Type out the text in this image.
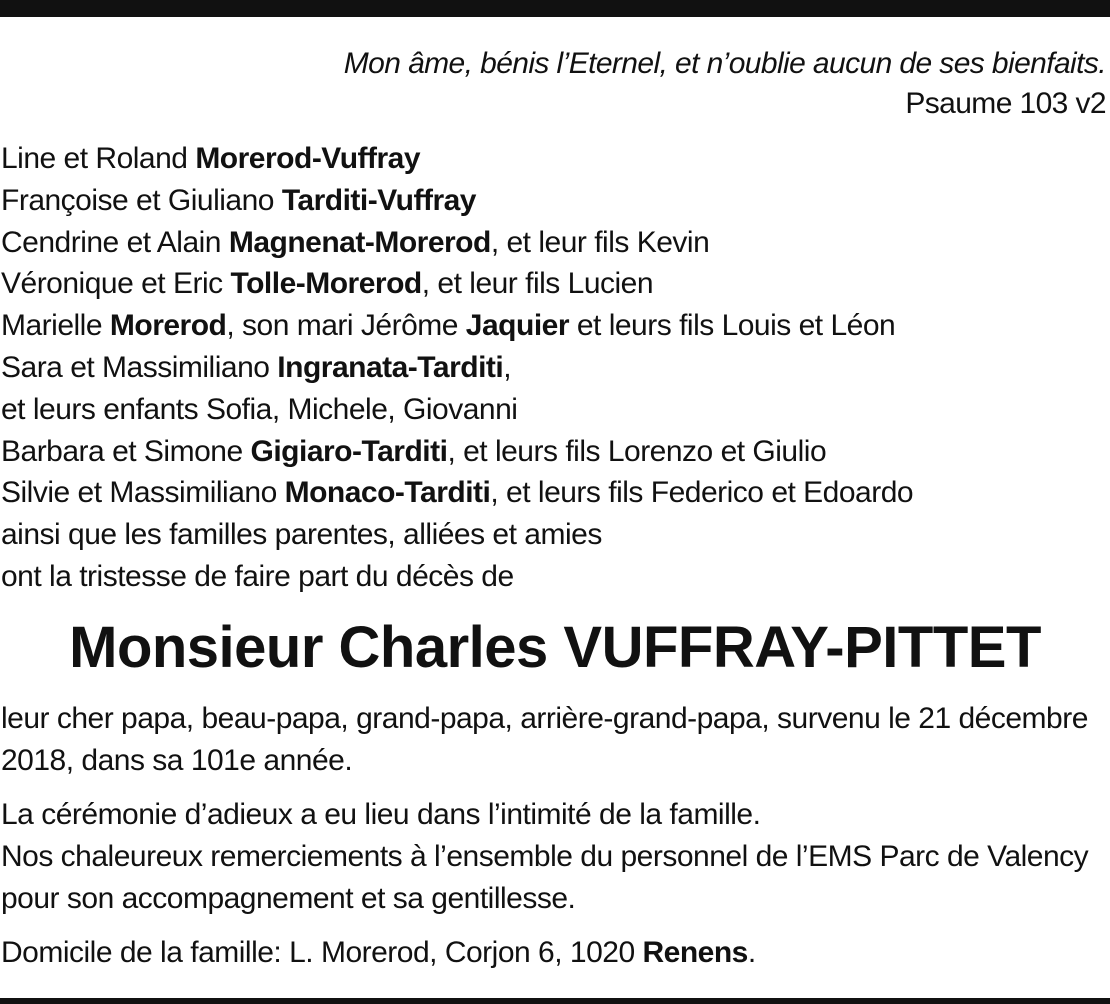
Mon âme, bénis l’Eternel, et n’oublie aucun de ses bienfaits.
Psaume 103 v2
Line et Roland Morerod-Vuffray
Françoise et Giuliano Tarditi-Vuffray
Cendrine et Alain Magnenat-Morerod, et leur fils Kevin
Véronique et Eric Tolle-Morerod, et leur fils Lucien
Marielle Morerod, son mari Jérôme Jaquier et leurs fils Louis et Léon
Sara et Massimiliano Ingranata-Tarditi,
et leurs enfants Sofia, Michele, Giovanni
Barbara et Simone Gigiaro-Tarditi, et leurs fils Lorenzo et Giulio
Silvie et Massimiliano Monaco-Tarditi, et leurs fils Federico et Edoardo
ainsi que les familles parentes, alliées et amies
ont la tristesse de faire part du décès de
Monsieur Charles VUFFRAY-PITTET
leur cher papa, beau-papa, grand-papa, arrière-grand-papa, survenu le 21 décembre 2018, dans sa 101e année.
La cérémonie d’adieux a eu lieu dans l’intimité de la famille.
Nos chaleureux remerciements à l’ensemble du personnel de l’EMS Parc de Valency pour son accompagnement et sa gentillesse.
Domicile de la famille: L. Morerod, Corjon 6, 1020 Renens.
